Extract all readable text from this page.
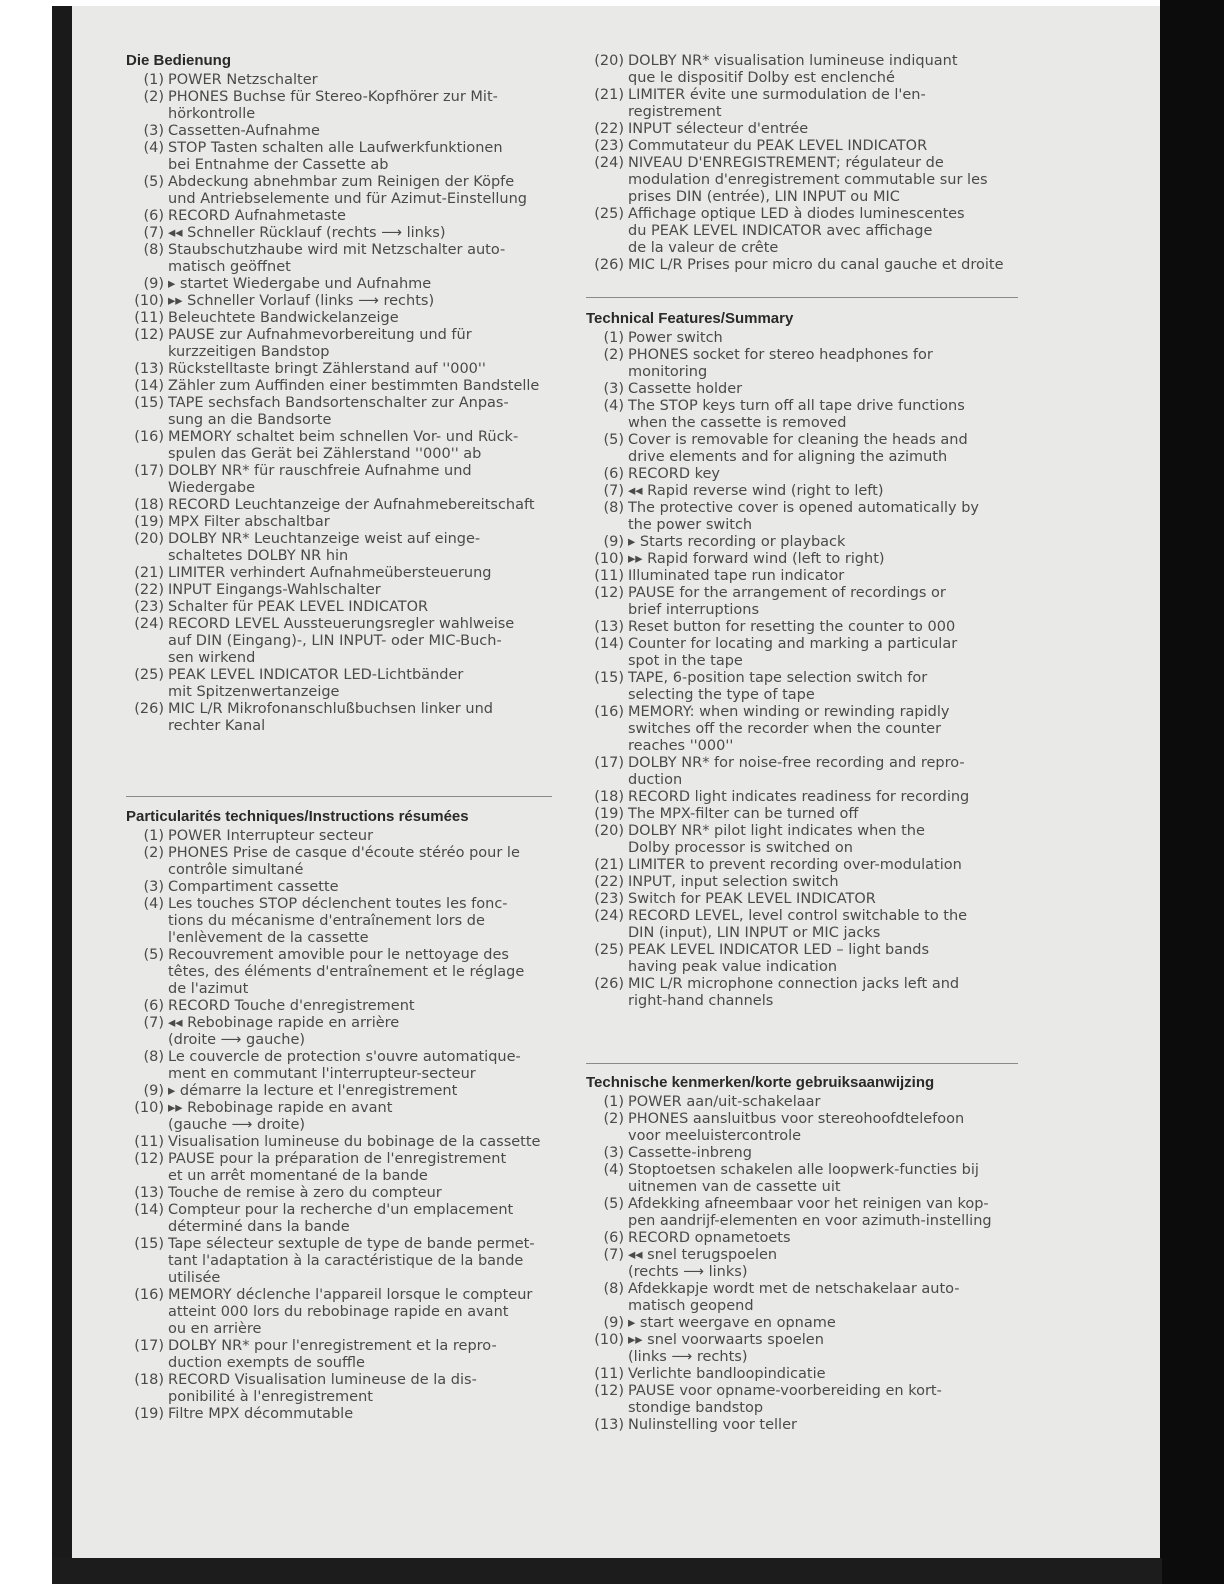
Die Bedienung
(1) POWER Netzschalter
(2) PHONES Buchse für Stereo-Kopfhörer zur Mit-
hörkontrolle
(3) Cassetten-Aufnahme
(4) STOP Tasten schalten alle Laufwerkfunktionen
bei Entnahme der Cassette ab
(5) Abdeckung abnehmbar zum Reinigen der Köpfe
und Antriebselemente und für Azimut-Einstellung
(6) RECORD Aufnahmetaste
(7) ◂◂ Schneller Rücklauf (rechts ⟶ links)
(8) Staubschutzhaube wird mit Netzschalter auto-
matisch geöffnet
(9) ▸ startet Wiedergabe und Aufnahme
(10) ▸▸ Schneller Vorlauf (links ⟶ rechts)
(11) Beleuchtete Bandwickelanzeige
(12) PAUSE zur Aufnahmevorbereitung und für
kurzzeitigen Bandstop
(13) Rückstelltaste bringt Zählerstand auf ''000''
(14) Zähler zum Auffinden einer bestimmten Bandstelle
(15) TAPE sechsfach Bandsortenschalter zur Anpas-
sung an die Bandsorte
(16) MEMORY schaltet beim schnellen Vor- und Rück-
spulen das Gerät bei Zählerstand ''000'' ab
(17) DOLBY NR* für rauschfreie Aufnahme und
Wiedergabe
(18) RECORD Leuchtanzeige der Aufnahmebereitschaft
(19) MPX Filter abschaltbar
(20) DOLBY NR* Leuchtanzeige weist auf einge-
schaltetes DOLBY NR hin
(21) LIMITER verhindert Aufnahmeübersteuerung
(22) INPUT Eingangs-Wahlschalter
(23) Schalter für PEAK LEVEL INDICATOR
(24) RECORD LEVEL Aussteuerungsregler wahlweise
auf DIN (Eingang)-, LIN INPUT- oder MIC-Buch-
sen wirkend
(25) PEAK LEVEL INDICATOR LED-Lichtbänder
mit Spitzenwertanzeige
(26) MIC L/R Mikrofonanschlußbuchsen linker und
rechter Kanal
Particularités techniques/Instructions résumées
(1) POWER Interrupteur secteur
(2) PHONES Prise de casque d'écoute stéréo pour le
contrôle simultané
(3) Compartiment cassette
(4) Les touches STOP déclenchent toutes les fonc-
tions du mécanisme d'entraînement lors de
l'enlèvement de la cassette
(5) Recouvrement amovible pour le nettoyage des
têtes, des éléments d'entraînement et le réglage
de l'azimut
(6) RECORD Touche d'enregistrement
(7) ◂◂ Rebobinage rapide en arrière
(droite ⟶ gauche)
(8) Le couvercle de protection s'ouvre automatique-
ment en commutant l'interrupteur-secteur
(9) ▸ démarre la lecture et l'enregistrement
(10) ▸▸ Rebobinage rapide en avant
(gauche ⟶ droite)
(11) Visualisation lumineuse du bobinage de la cassette
(12) PAUSE pour la préparation de l'enregistrement
et un arrêt momentané de la bande
(13) Touche de remise à zero du compteur
(14) Compteur pour la recherche d'un emplacement
déterminé dans la bande
(15) Tape sélecteur sextuple de type de bande permet-
tant l'adaptation à la caractéristique de la bande
utilisée
(16) MEMORY déclenche l'appareil lorsque le compteur
atteint 000 lors du rebobinage rapide en avant
ou en arrière
(17) DOLBY NR* pour l'enregistrement et la repro-
duction exempts de souffle
(18) RECORD Visualisation lumineuse de la dis-
ponibilité à l'enregistrement
(19) Filtre MPX décommutable
(20) DOLBY NR* visualisation lumineuse indiquant
que le dispositif Dolby est enclenché
(21) LIMITER évite une surmodulation de l'en-
registrement
(22) INPUT sélecteur d'entrée
(23) Commutateur du PEAK LEVEL INDICATOR
(24) NIVEAU D'ENREGISTREMENT; régulateur de
modulation d'enregistrement commutable sur les
prises DIN (entrée), LIN INPUT ou MIC
(25) Affichage optique LED à diodes luminescentes
du PEAK LEVEL INDICATOR avec affichage
de la valeur de crête
(26) MIC L/R Prises pour micro du canal gauche et droite
Technical Features/Summary
(1) Power switch
(2) PHONES socket for stereo headphones for
monitoring
(3) Cassette holder
(4) The STOP keys turn off all tape drive functions
when the cassette is removed
(5) Cover is removable for cleaning the heads and
drive elements and for aligning the azimuth
(6) RECORD key
(7) ◂◂ Rapid reverse wind (right to left)
(8) The protective cover is opened automatically by
the power switch
(9) ▸ Starts recording or playback
(10) ▸▸ Rapid forward wind (left to right)
(11) Illuminated tape run indicator
(12) PAUSE for the arrangement of recordings or
brief interruptions
(13) Reset button for resetting the counter to 000
(14) Counter for locating and marking a particular
spot in the tape
(15) TAPE, 6-position tape selection switch for
selecting the type of tape
(16) MEMORY: when winding or rewinding rapidly
switches off the recorder when the counter
reaches ''000''
(17) DOLBY NR* for noise-free recording and repro-
duction
(18) RECORD light indicates readiness for recording
(19) The MPX-filter can be turned off
(20) DOLBY NR* pilot light indicates when the
Dolby processor is switched on
(21) LIMITER to prevent recording over-modulation
(22) INPUT, input selection switch
(23) Switch for PEAK LEVEL INDICATOR
(24) RECORD LEVEL, level control switchable to the
DIN (input), LIN INPUT or MIC jacks
(25) PEAK LEVEL INDICATOR LED – light bands
having peak value indication
(26) MIC L/R microphone connection jacks left and
right-hand channels
Technische kenmerken/korte gebruiksaanwijzing
(1) POWER aan/uit-schakelaar
(2) PHONES aansluitbus voor stereohoofdtelefoon
voor meeluistercontrole
(3) Cassette-inbreng
(4) Stoptoetsen schakelen alle loopwerk-functies bij
uitnemen van de cassette uit
(5) Afdekking afneembaar voor het reinigen van kop-
pen aandrijf-elementen en voor azimuth-instelling
(6) RECORD opnametoets
(7) ◂◂ snel terugspoelen
(rechts ⟶ links)
(8) Afdekkapje wordt met de netschakelaar auto-
matisch geopend
(9) ▸ start weergave en opname
(10) ▸▸ snel voorwaarts spoelen
(links ⟶ rechts)
(11) Verlichte bandloopindicatie
(12) PAUSE voor opname-voorbereiding en kort-
stondige bandstop
(13) Nulinstelling voor teller
